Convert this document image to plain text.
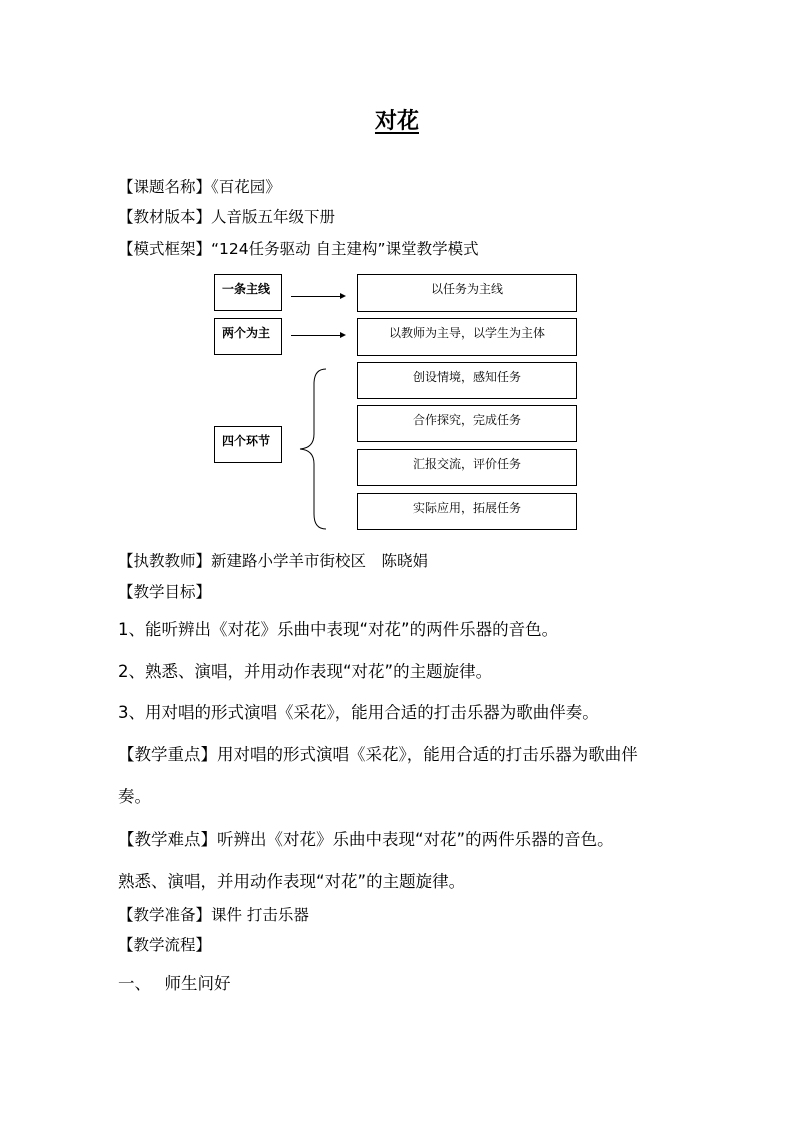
对花
【课题名称】《百花园》
【教材版本】人音版五年级下册
【模式框架】“124任务驱动 自主建构”课堂教学模式
一条主线	以任务为主线
两个为主	以教师为主导，以学生为主体
四个环节
创设情境，感知任务
合作探究，完成任务
汇报交流，评价任务
实际应用，拓展任务
【执教教师】新建路小学羊市街校区　陈晓娟
【教学目标】
1、能听辨出《对花》乐曲中表现“对花”的两件乐器的音色。
2、熟悉、演唱，并用动作表现“对花”的主题旋律。
3、用对唱的形式演唱《采花》，能用合适的打击乐器为歌曲伴奏。
【教学重点】用对唱的形式演唱《采花》，能用合适的打击乐器为歌曲伴
奏。
【教学难点】听辨出《对花》乐曲中表现“对花”的两件乐器的音色。
熟悉、演唱，并用动作表现“对花”的主题旋律。
【教学准备】课件 打击乐器
【教学流程】
一、　 师生问好
